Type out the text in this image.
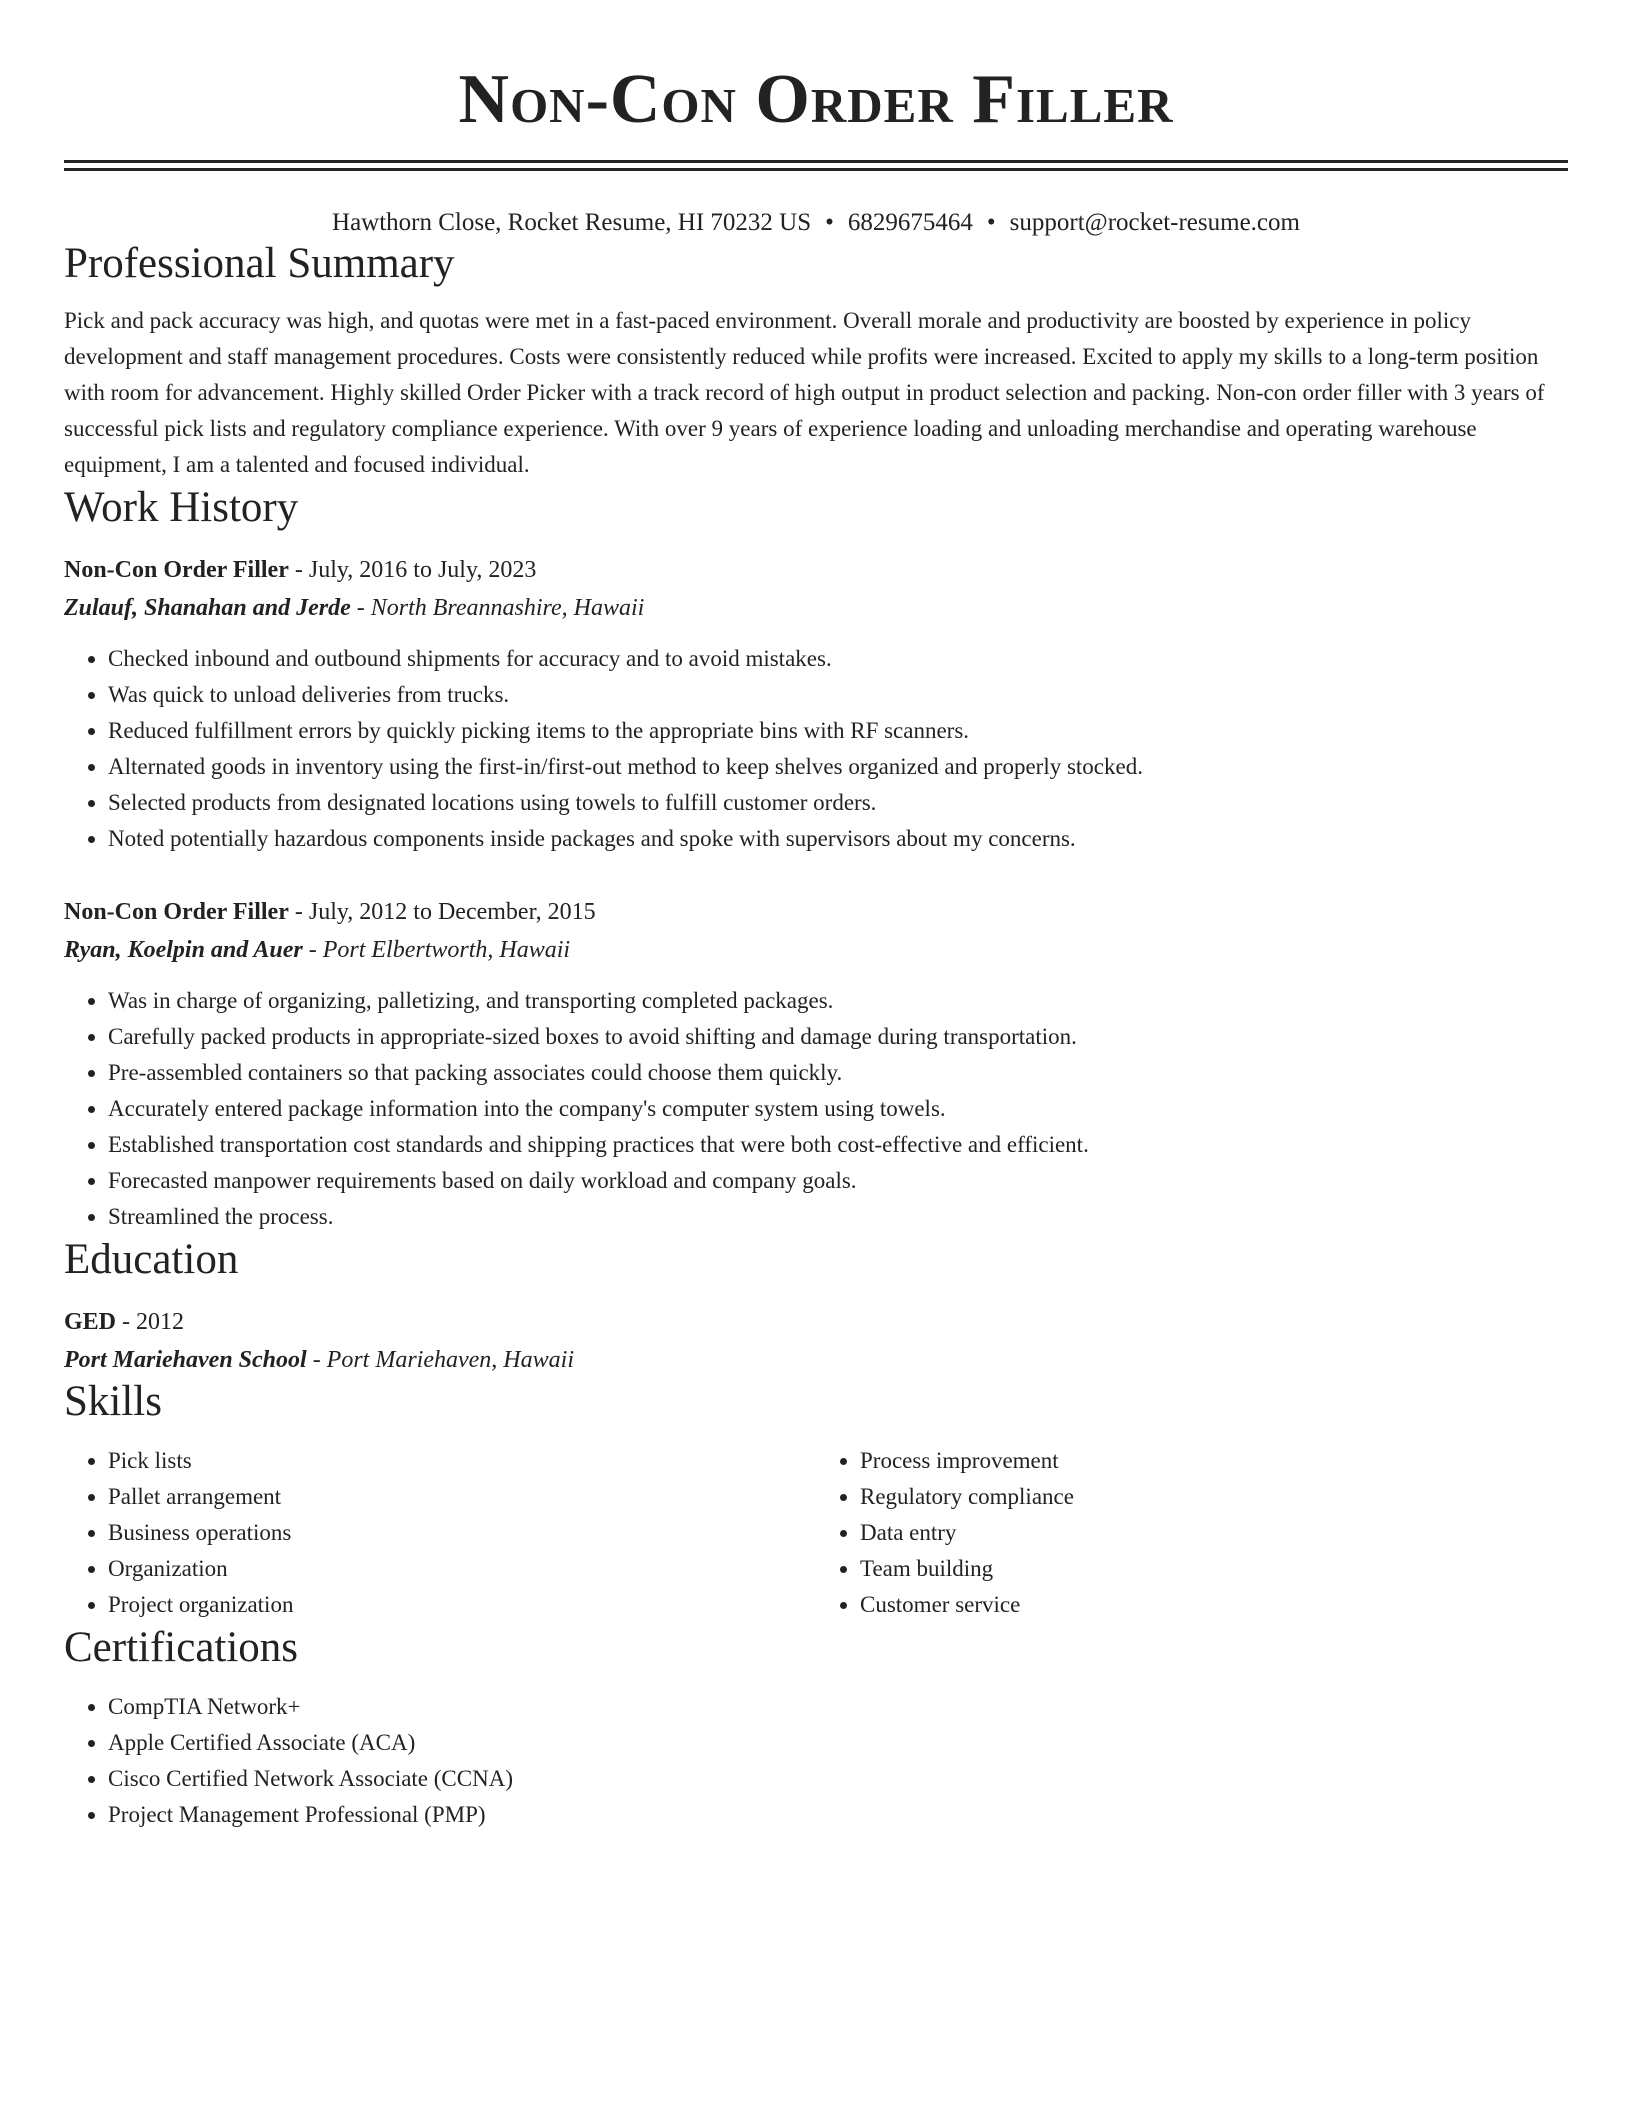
Non-Con Order Filler
Hawthorn Close, Rocket Resume, HI 70232 US • 6829675464 • support@rocket-resume.com
Professional Summary
Pick and pack accuracy was high, and quotas were met in a fast-paced environment. Overall morale and productivity are boosted by experience in policy development and staff management procedures. Costs were consistently reduced while profits were increased. Excited to apply my skills to a long-term position with room for advancement. Highly skilled Order Picker with a track record of high output in product selection and packing. Non-con order filler with 3 years of successful pick lists and regulatory compliance experience. With over 9 years of experience loading and unloading merchandise and operating warehouse equipment, I am a talented and focused individual.
Work History
Non-Con Order Filler - July, 2016 to July, 2023
Zulauf, Shanahan and Jerde - North Breannashire, Hawaii
• Checked inbound and outbound shipments for accuracy and to avoid mistakes.
• Was quick to unload deliveries from trucks.
• Reduced fulfillment errors by quickly picking items to the appropriate bins with RF scanners.
• Alternated goods in inventory using the first-in/first-out method to keep shelves organized and properly stocked.
• Selected products from designated locations using towels to fulfill customer orders.
• Noted potentially hazardous components inside packages and spoke with supervisors about my concerns.
Non-Con Order Filler - July, 2012 to December, 2015
Ryan, Koelpin and Auer - Port Elbertworth, Hawaii
• Was in charge of organizing, palletizing, and transporting completed packages.
• Carefully packed products in appropriate-sized boxes to avoid shifting and damage during transportation.
• Pre-assembled containers so that packing associates could choose them quickly.
• Accurately entered package information into the company's computer system using towels.
• Established transportation cost standards and shipping practices that were both cost-effective and efficient.
• Forecasted manpower requirements based on daily workload and company goals.
• Streamlined the process.
Education
GED - 2012
Port Mariehaven School - Port Mariehaven, Hawaii
Skills
• Pick lists
• Pallet arrangement
• Business operations
• Organization
• Project organization
• Process improvement
• Regulatory compliance
• Data entry
• Team building
• Customer service
Certifications
• CompTIA Network+
• Apple Certified Associate (ACA)
• Cisco Certified Network Associate (CCNA)
• Project Management Professional (PMP)
